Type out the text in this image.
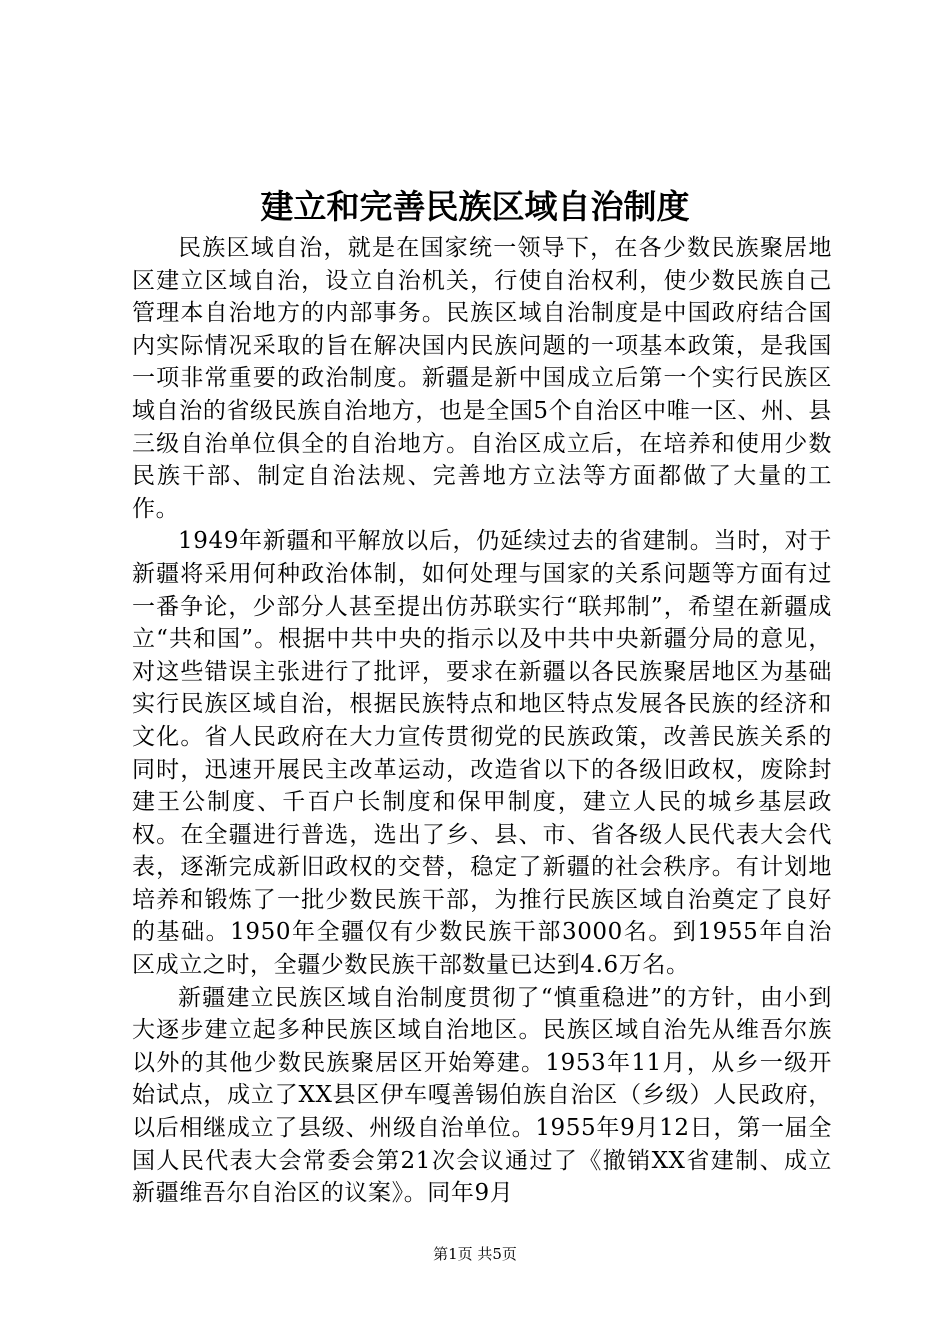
建立和完善民族区域自治制度

民族区域自治，就是在国家统一领导下，在各少数民族聚居地区建立区域自治，设立自治机关，行使自治权利，使少数民族自己管理本自治地方的内部事务。民族区域自治制度是中国政府结合国内实际情况采取的旨在解决国内民族问题的一项基本政策，是我国一项非常重要的政治制度。新疆是新中国成立后第一个实行民族区域自治的省级民族自治地方，也是全国5个自治区中唯一区、州、县三级自治单位俱全的自治地方。自治区成立后，在培养和使用少数民族干部、制定自治法规、完善地方立法等方面都做了大量的工作。

1949年新疆和平解放以后，仍延续过去的省建制。当时，对于新疆将采用何种政治体制，如何处理与国家的关系问题等方面有过一番争论，少部分人甚至提出仿苏联实行“联邦制”，希望在新疆成立“共和国”。根据中共中央的指示以及中共中央新疆分局的意见，对这些错误主张进行了批评，要求在新疆以各民族聚居地区为基础实行民族区域自治，根据民族特点和地区特点发展各民族的经济和文化。省人民政府在大力宣传贯彻党的民族政策，改善民族关系的同时，迅速开展民主改革运动，改造省以下的各级旧政权，废除封建王公制度、千百户长制度和保甲制度，建立人民的城乡基层政权。在全疆进行普选，选出了乡、县、市、省各级人民代表大会代表，逐渐完成新旧政权的交替，稳定了新疆的社会秩序。有计划地培养和锻炼了一批少数民族干部，为推行民族区域自治奠定了良好的基础。1950年全疆仅有少数民族干部3000名。到1955年自治区成立之时，全疆少数民族干部数量已达到4.6万名。

新疆建立民族区域自治制度贯彻了“慎重稳进”的方针，由小到大逐步建立起多种民族区域自治地区。民族区域自治先从维吾尔族以外的其他少数民族聚居区开始筹建。1953年11月，从乡一级开始试点，成立了XX县区伊车嘎善锡伯族自治区（乡级）人民政府，以后相继成立了县级、州级自治单位。1955年9月12日，第一届全国人民代表大会常委会第21次会议通过了《撤销XX省建制、成立新疆维吾尔自治区的议案》。同年9月

第1页 共5页
